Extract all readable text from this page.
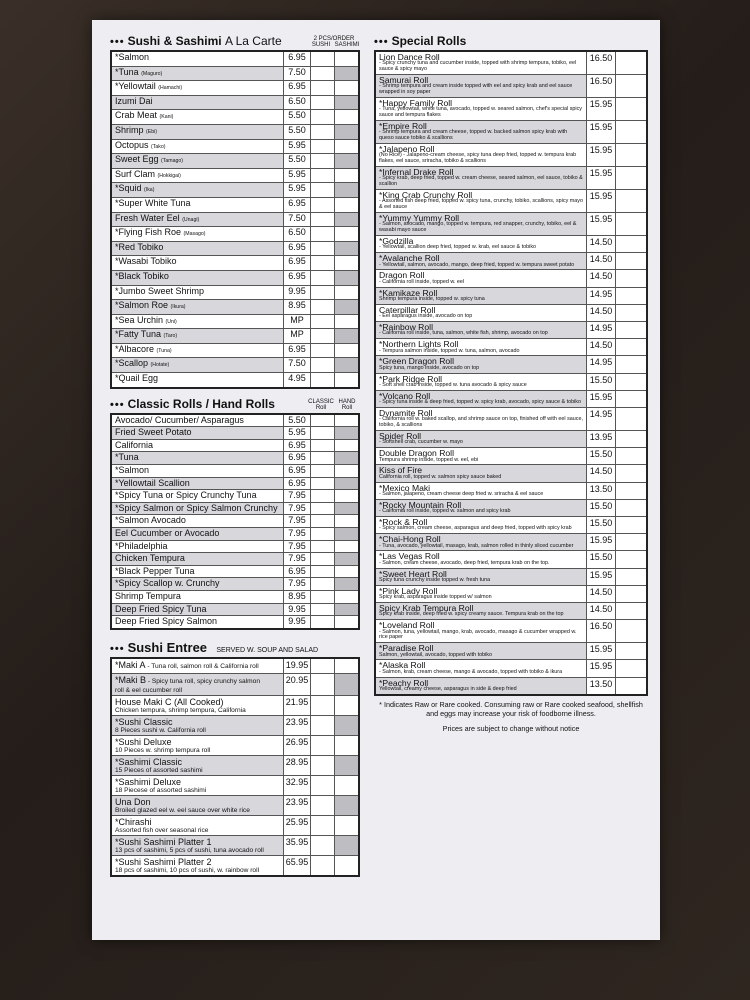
••• Sushi & Sashimi A La Carte	2 PCS/ORDER
SUSHI SASHIMI
*Salmon	6.95
*Tuna (Maguro)	7.50
*Yellowtail (Hamachi)	6.95
Izumi Dai	6.50
Crab Meat (Kani)	5.50
Shrimp (Ebi)	5.50
Octopus (Tako)	5.95
Sweet Egg (Tamago)	5.50
Surf Clam (Hokkigai)	5.95
*Squid (Ika)	5.95
*Super White Tuna	6.95
Fresh Water Eel (Unagi)	7.50
*Flying Fish Roe (Masago)	6.50
*Red Tobiko	6.95
*Wasabi Tobiko	6.95
*Black Tobiko	6.95
*Jumbo Sweet Shrimp	9.95
*Salmon Roe (Ikura)	8.95
*Sea Urchin (Uni)	MP
*Fatty Tuna (Taro)	MP
*Albacore (Tuna)	6.95
*Scallop (Hotate)	7.50
*Quail Egg	4.95
••• Classic Rolls / Hand Rolls	CLASSIC Roll
HAND Roll
Avocado/ Cucumber/ Asparagus	5.50
Fried Sweet Potato	5.95
California	6.95
*Tuna	6.95
*Salmon	6.95
*Yellowtail Scallion	6.95
*Spicy Tuna or Spicy Crunchy Tuna	7.95
*Spicy Salmon or Spicy Salmon Crunchy	7.95
*Salmon Avocado	7.95
Eel Cucumber or Avocado	7.95
*Philadelphia	7.95
Chicken Tempura	7.95
*Black Pepper Tuna	6.95
*Spicy Scallop w. Crunchy	7.95
Shrimp Tempura	8.95
Deep Fried Spicy Tuna	9.95
Deep Fried Spicy Salmon	9.95
••• Sushi Entree SERVED W. SOUP AND SALAD
*Maki A - Tuna roll, salmon roll & California roll	19.95
*Maki B - Spicy tuna roll, spicy crunchy salmon
roll & eel cucumber roll
20.95
House Maki C (All Cooked)
Chicken tempura, shrimp tempura, California
21.95
*Sushi Classic
8 Pieces sushi w. California roll
23.95
*Sushi Deluxe
10 Pieces w. shrimp tempura roll
26.95
*Sashimi Classic
15 Pieces of assorted sashimi
28.95
*Sashimi Deluxe
18 Piecese of assorted sashimi
32.95
Una Don
Broiled glazed eel w. eel sauce over white rice
23.95
*Chirashi
Assorted fish over seasonal rice
25.95
*Sushi Sashimi Platter 1
13 pcs of sashimi, 5 pcs of sushi, tuna avocado roll
35.95
*Sushi Sashimi Platter 2
18 pcs of sashimi, 10 pcs of sushi, w. rainbow roll
65.95
••• Special Rolls
Lion Dance Roll
- Spicy crunchy tuna and cucumber inside, topped with shrimp tempura, tobiko, eel sauce & spicy mayo
16.50
Samurai Roll
- Shrimp tempura and cream inside topped with eel and spicy krab and eel sauce wrapped in soy paper
16.50
*Happy Family Roll
- Tuna, yellowtail, white tuna, avocado, topped w. seared salmon, chef's special spicy sauce and tempura flakes
15.95
*Empire Roll
- Shrimp tempura and cream cheese, topped w. backed salmon spicy krab with queso sauce tobiko & scallions
15.95
*Jalapeno Roll
(No Rice) - Jalapeno-cream cheese, spicy tuna deep fried, topped w. tempura krab flakes, eel sauce, sriracha, tobiko & scallions
15.95
*Infernal Drake Roll
- Spicy krab, deep fried, topped w. cream cheese, seared salmon, eel sauce, tobiko & scallion
15.95
*King Crab Crunchy Roll
- Assorted fish deep fried, topped w. spicy tuna, crunchy, tobiko, scallions, spicy mayo & eel sauce
15.95
*Yummy Yummy Roll
- Salmon, avocado, mango, topped w. tempura, red snapper, crunchy, tobiko, eel & wasabi mayo sauce
15.95
*Godzilla
- Yellowtail, scallion deep fried, topped w. krab, eel sauce & tobiko
14.50
*Avalanche Roll
- Yellowtail, salmon, avocado, mango, deep fried, topped w. tempura sweet potato
14.50
Dragon Roll
- California roll inside, topped w. eel
14.50
*Kamikaze Roll
Shrimp tempura inside, topped w. spicy tuna
14.95
Caterpillar Roll
- Eel asparagus inside, avocado on top
14.50
*Rainbow Roll
- California roll inside, tuna, salmon, white fish, shrimp, avocado on top
14.95
*Northern Lights Roll
- Tempura salmon inside, topped w. tuna, salmon, avocado
14.50
*Green Dragon Roll
Spicy tuna, mango inside, avocado on top
14.95
*Park Ridge Roll
- Soft shell crab inside, topped w. tuna avocado & spicy sauce
15.50
*Volcano Roll
- Spicy tuna inside & deep fried, topped w. spicy krab, avocado, spicy sauce & tobiko
15.95
Dynamite Roll
- California roll w. baked scallop, and shrimp sauce on top, finished off with eel sauce, tobiko, & scallions
14.95
Spider Roll
- Softshell crab, cucumber w. mayo
13.95
Double Dragon Roll
Tempura shrimp inside, topped w. eel, ebi
15.50
Kiss of Fire
California roll, topped w. salmon spicy sauce baked
14.50
*Mexico Maki
- Salmon, jalapeno, cream cheese deep fried w. sriracha & eel sauce
13.50
*Rocky Mountain Roll
- California roll inside, topped w. salmon and spicy krab
15.50
*Rock & Roll
- Spicy salmon, cream cheese, asparagus and deep fried, topped with spicy krab
15.50
*Chai-Hong Roll
- Tuna, avocado, yellowtail, masago, krab, salmon rolled in thinly sliced cucumber
15.95
*Las Vegas Roll
- Salmon, cream cheese, avocado, deep fried, tempura krab on the top.
15.50
*Sweet Heart Roll
Spicy tuna crunchy inside topped w. fresh tuna
15.95
*Pink Lady Roll
Spicy krab, asparagus inside topped w/ salmon
14.50
Spicy Krab Tempura Roll
Spicy krab inside, deep fried w. spicy creamy sauce. Tempura krab on the top
14.50
*Loveland Roll
- Salmon, tuna, yellowtail, mango, krab, avocado, masago & cucumber wrapped w. rice paper
16.50
*Paradise Roll
Salmon, yellowtail, avocado, topped with tobiko
15.95
*Alaska Roll
- Salmon, krab, cream cheese, mango & avocado, topped with tobiko & ikura
15.95
*Peachy Roll
Yellowtail, creamy cheese, asparagus in side & deep fried
13.50
* Indicates Raw or Rare cooked. Consuming raw or Rare cooked seafood, shellfish and eggs may increase your risk of foodborne illness.
Prices are subject to change without notice
